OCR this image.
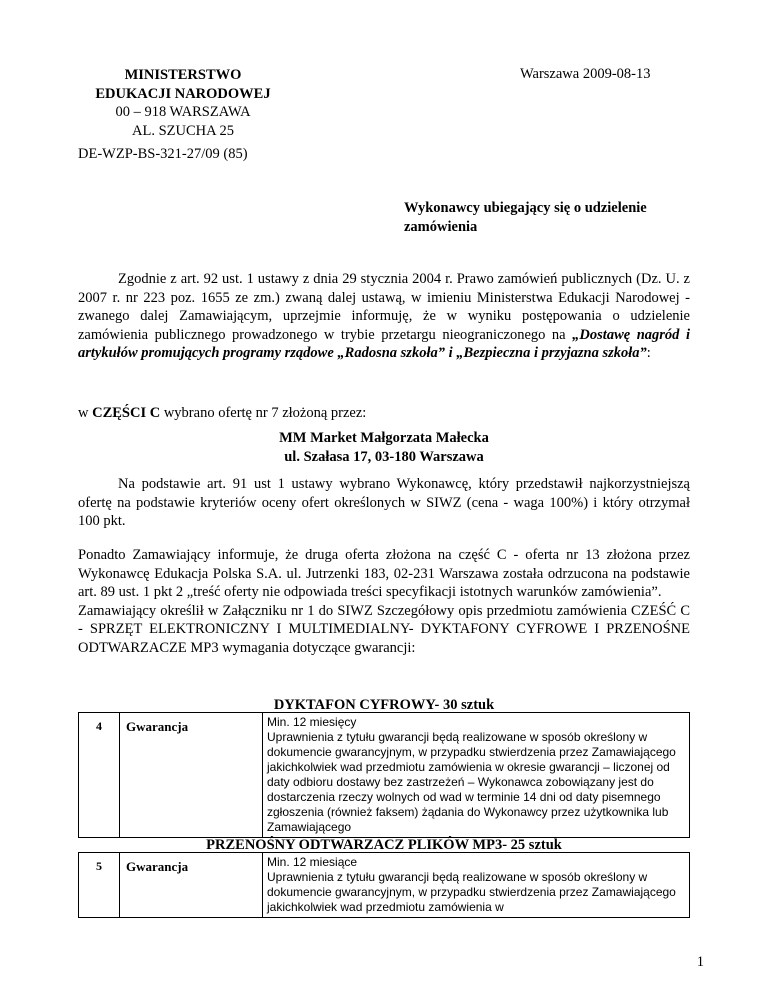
MINISTERSTWO
EDUKACJI NARODOWEJ
00 – 918 WARSZAWA
AL. SZUCHA 25
Warszawa 2009-08-13
DE-WZP-BS-321-27/09 (85)
Wykonawcy ubiegający się o udzielenie zamówienia
Zgodnie z art. 92 ust. 1 ustawy z dnia 29 stycznia 2004 r. Prawo zamówień publicznych (Dz. U. z 2007 r. nr 223 poz. 1655 ze zm.) zwaną dalej ustawą, w imieniu Ministerstwa Edukacji Narodowej - zwanego dalej Zamawiającym, uprzejmie informuję, że w wyniku postępowania o udzielenie zamówienia publicznego prowadzonego w trybie przetargu nieograniczonego na „Dostawę nagród i artykułów promujących programy rządowe „Radosna szkoła” i „Bezpieczna i przyjazna szkoła”:
w CZĘŚCI C wybrano ofertę nr 7 złożoną przez:
MM Market Małgorzata Małecka
ul. Szałasa 17, 03-180 Warszawa
Na podstawie art. 91 ust 1 ustawy wybrano Wykonawcę, który przedstawił najkorzystniejszą ofertę na podstawie kryteriów oceny ofert określonych w SIWZ (cena - waga 100%) i który otrzymał 100 pkt.
Ponadto Zamawiający informuje, że druga oferta złożona na część C - oferta nr 13 złożona przez Wykonawcę Edukacja Polska S.A. ul. Jutrzenki 183, 02-231 Warszawa została odrzucona na podstawie art. 89 ust. 1 pkt 2 „treść oferty nie odpowiada treści specyfikacji istotnych warunków zamówienia”.
Zamawiający określił w Załączniku nr 1 do SIWZ Szczegółowy opis przedmiotu zamówienia CZEŚĆ C - SPRZĘT ELEKTRONICZNY I MULTIMEDIALNY- DYKTAFONY CYFROWE I PRZENOŚNE ODTWARZACZE MP3 wymagania dotyczące gwarancji:
DYKTAFON CYFROWY- 30 sztuk
4	Gwarancja	Min. 12 miesięcy
Uprawnienia z tytułu gwarancji będą realizowane w sposób określony w dokumencie gwarancyjnym, w przypadku stwierdzenia przez Zamawiającego jakichkolwiek wad przedmiotu zamówienia w okresie gwarancji – liczonej od daty odbioru dostawy bez zastrzeżeń – Wykonawca zobowiązany jest do dostarczenia rzeczy wolnych od wad w terminie 14 dni od daty pisemnego zgłoszenia (również faksem) żądania do Wykonawcy przez użytkownika lub Zamawiającego
PRZENOŚNY ODTWARZACZ PLIKÓW MP3- 25 sztuk
5	Gwarancja	Min. 12 miesiące
Uprawnienia z tytułu gwarancji będą realizowane w sposób określony w dokumencie gwarancyjnym, w przypadku stwierdzenia przez Zamawiającego jakichkolwiek wad przedmiotu zamówienia w
1
